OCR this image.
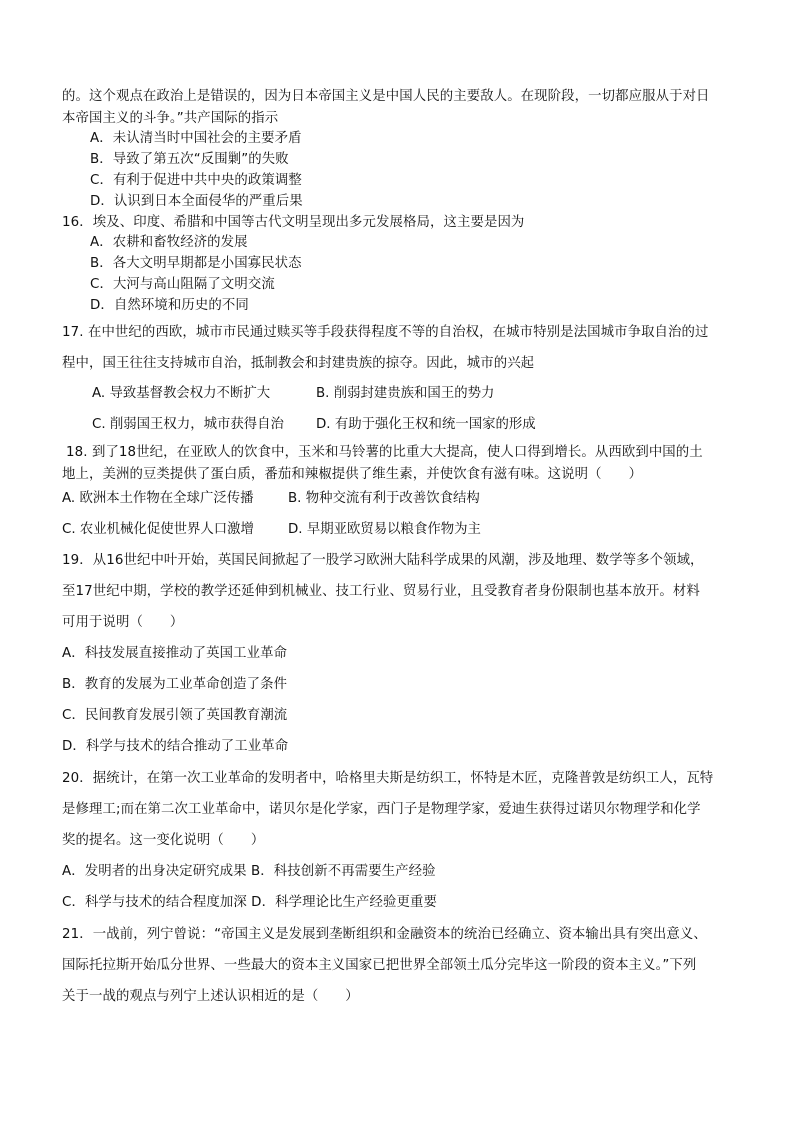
的。这个观点在政治上是错误的，因为日本帝国主义是中国人民的主要敌人。在现阶段，一切都应服从于对日
本帝国主义的斗争。”共产国际的指示
A．未认清当时中国社会的主要矛盾
B．导致了第五次“反围剿”的失败
C．有利于促进中共中央的政策调整
D．认识到日本全面侵华的严重后果
16．埃及、印度、希腊和中国等古代文明呈现出多元发展格局，这主要是因为
A．农耕和畜牧经济的发展
B．各大文明早期都是小国寡民状态
C．大河与高山阻隔了文明交流
D．自然环境和历史的不同
17. 在中世纪的西欧，城市市民通过赎买等手段获得程度不等的自治权，在城市特别是法国城市争取自治的过
程中，国王往往支持城市自治，抵制教会和封建贵族的掠夺。因此，城市的兴起
A. 导致基督教会权力不断扩大	B. 削弱封建贵族和国王的势力
C. 削弱国王权力，城市获得自治 D. 有助于强化王权和统一国家的形成
18. 到了18世纪，在亚欧人的饮食中，玉米和马铃薯的比重大大提高，使人口得到增长。从西欧到中国的土
地上，美洲的豆类提供了蛋白质，番茄和辣椒提供了维生素，并使饮食有滋有味。这说明（　　）
A. 欧洲本土作物在全球广泛传播	B. 物种交流有利于改善饮食结构
C. 农业机械化促使世界人口激增	D. 早期亚欧贸易以粮食作物为主
19．从16世纪中叶开始，英国民间掀起了一股学习欧洲大陆科学成果的风潮，涉及地理、数学等多个领域，
至17世纪中期，学校的教学还延伸到机械业、技工行业、贸易行业，且受教育者身份限制也基本放开。材料
可用于说明（　　）
A．科技发展直接推动了英国工业革命
B．教育的发展为工业革命创造了条件
C．民间教育发展引领了英国教育潮流
D．科学与技术的结合推动了工业革命
20．据统计，在第一次工业革命的发明者中，哈格里夫斯是纺织工，怀特是木匠，克隆普敦是纺织工人，瓦特
是修理工;而在第二次工业革命中，诺贝尔是化学家，西门子是物理学家，爱迪生获得过诺贝尔物理学和化学
奖的提名。这一变化说明（　　）
A．发明者的出身决定研究成果 B．科技创新不再需要生产经验
C．科学与技术的结合程度加深 D．科学理论比生产经验更重要
21．一战前，列宁曾说：“帝国主义是发展到垄断组织和金融资本的统治已经确立、资本输出具有突出意义、
国际托拉斯开始瓜分世界、一些最大的资本主义国家已把世界全部领土瓜分完毕这一阶段的资本主义。”下列
关于一战的观点与列宁上述认识相近的是（　　）
